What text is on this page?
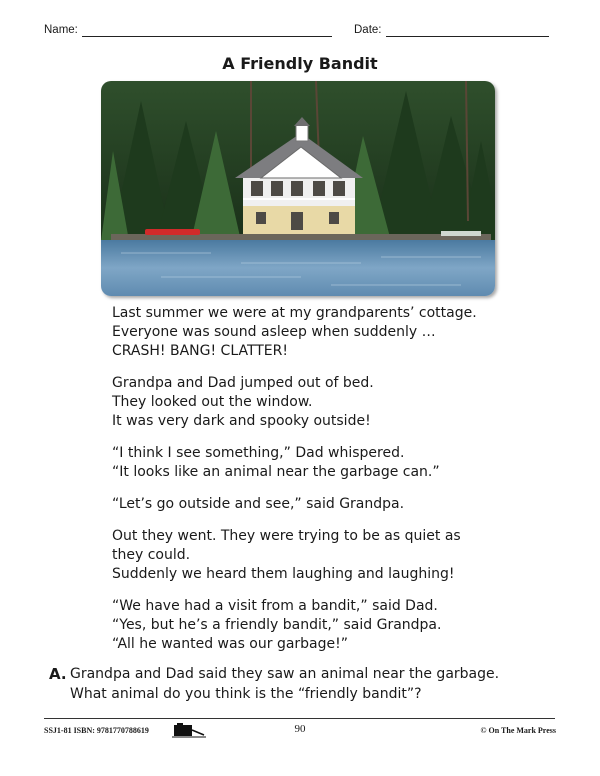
Name:	Date:
A Friendly Bandit

Last summer we were at my grandparents’ cottage.
Everyone was sound asleep when suddenly …
CRASH! BANG! CLATTER!

Grandpa and Dad jumped out of bed.
They looked out the window.
It was very dark and spooky outside!

“I think I see something,” Dad whispered.
“It looks like an animal near the garbage can.”

“Let’s go outside and see,” said Grandpa.

Out they went. They were trying to be as quiet as
they could.
Suddenly we heard them laughing and laughing!

“We have had a visit from a bandit,” said Dad.
“Yes, but he’s a friendly bandit,” said Grandpa.
“All he wanted was our garbage!”

A. Grandpa and Dad said they saw an animal near the garbage.
What animal do you think is the “friendly bandit”?
SSJ1-81 ISBN: 9781770788619	90	© On The Mark Press
